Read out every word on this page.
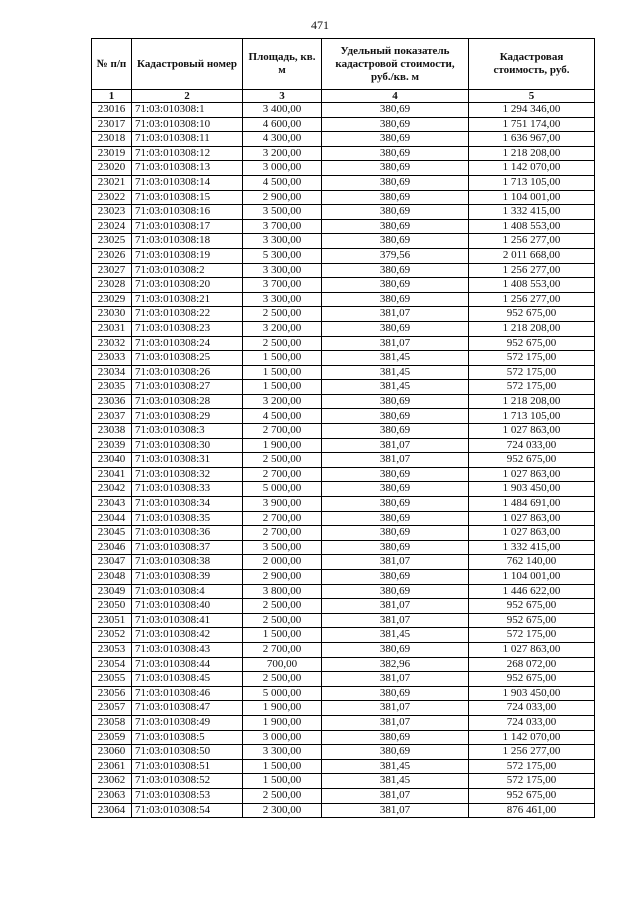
471
№ п/п	Кадастровый номер	Площадь, кв. м	Удельный показатель кадастровой стоимости, руб./кв. м	Кадастровая стоимость, руб.
1	2	3	4	5
23016	71:03:010308:1	3 400,00	380,69	1 294 346,00
23017	71:03:010308:10	4 600,00	380,69	1 751 174,00
23018	71:03:010308:11	4 300,00	380,69	1 636 967,00
23019	71:03:010308:12	3 200,00	380,69	1 218 208,00
23020	71:03:010308:13	3 000,00	380,69	1 142 070,00
23021	71:03:010308:14	4 500,00	380,69	1 713 105,00
23022	71:03:010308:15	2 900,00	380,69	1 104 001,00
23023	71:03:010308:16	3 500,00	380,69	1 332 415,00
23024	71:03:010308:17	3 700,00	380,69	1 408 553,00
23025	71:03:010308:18	3 300,00	380,69	1 256 277,00
23026	71:03:010308:19	5 300,00	379,56	2 011 668,00
23027	71:03:010308:2	3 300,00	380,69	1 256 277,00
23028	71:03:010308:20	3 700,00	380,69	1 408 553,00
23029	71:03:010308:21	3 300,00	380,69	1 256 277,00
23030	71:03:010308:22	2 500,00	381,07	952 675,00
23031	71:03:010308:23	3 200,00	380,69	1 218 208,00
23032	71:03:010308:24	2 500,00	381,07	952 675,00
23033	71:03:010308:25	1 500,00	381,45	572 175,00
23034	71:03:010308:26	1 500,00	381,45	572 175,00
23035	71:03:010308:27	1 500,00	381,45	572 175,00
23036	71:03:010308:28	3 200,00	380,69	1 218 208,00
23037	71:03:010308:29	4 500,00	380,69	1 713 105,00
23038	71:03:010308:3	2 700,00	380,69	1 027 863,00
23039	71:03:010308:30	1 900,00	381,07	724 033,00
23040	71:03:010308:31	2 500,00	381,07	952 675,00
23041	71:03:010308:32	2 700,00	380,69	1 027 863,00
23042	71:03:010308:33	5 000,00	380,69	1 903 450,00
23043	71:03:010308:34	3 900,00	380,69	1 484 691,00
23044	71:03:010308:35	2 700,00	380,69	1 027 863,00
23045	71:03:010308:36	2 700,00	380,69	1 027 863,00
23046	71:03:010308:37	3 500,00	380,69	1 332 415,00
23047	71:03:010308:38	2 000,00	381,07	762 140,00
23048	71:03:010308:39	2 900,00	380,69	1 104 001,00
23049	71:03:010308:4	3 800,00	380,69	1 446 622,00
23050	71:03:010308:40	2 500,00	381,07	952 675,00
23051	71:03:010308:41	2 500,00	381,07	952 675,00
23052	71:03:010308:42	1 500,00	381,45	572 175,00
23053	71:03:010308:43	2 700,00	380,69	1 027 863,00
23054	71:03:010308:44	700,00	382,96	268 072,00
23055	71:03:010308:45	2 500,00	381,07	952 675,00
23056	71:03:010308:46	5 000,00	380,69	1 903 450,00
23057	71:03:010308:47	1 900,00	381,07	724 033,00
23058	71:03:010308:49	1 900,00	381,07	724 033,00
23059	71:03:010308:5	3 000,00	380,69	1 142 070,00
23060	71:03:010308:50	3 300,00	380,69	1 256 277,00
23061	71:03:010308:51	1 500,00	381,45	572 175,00
23062	71:03:010308:52	1 500,00	381,45	572 175,00
23063	71:03:010308:53	2 500,00	381,07	952 675,00
23064	71:03:010308:54	2 300,00	381,07	876 461,00
